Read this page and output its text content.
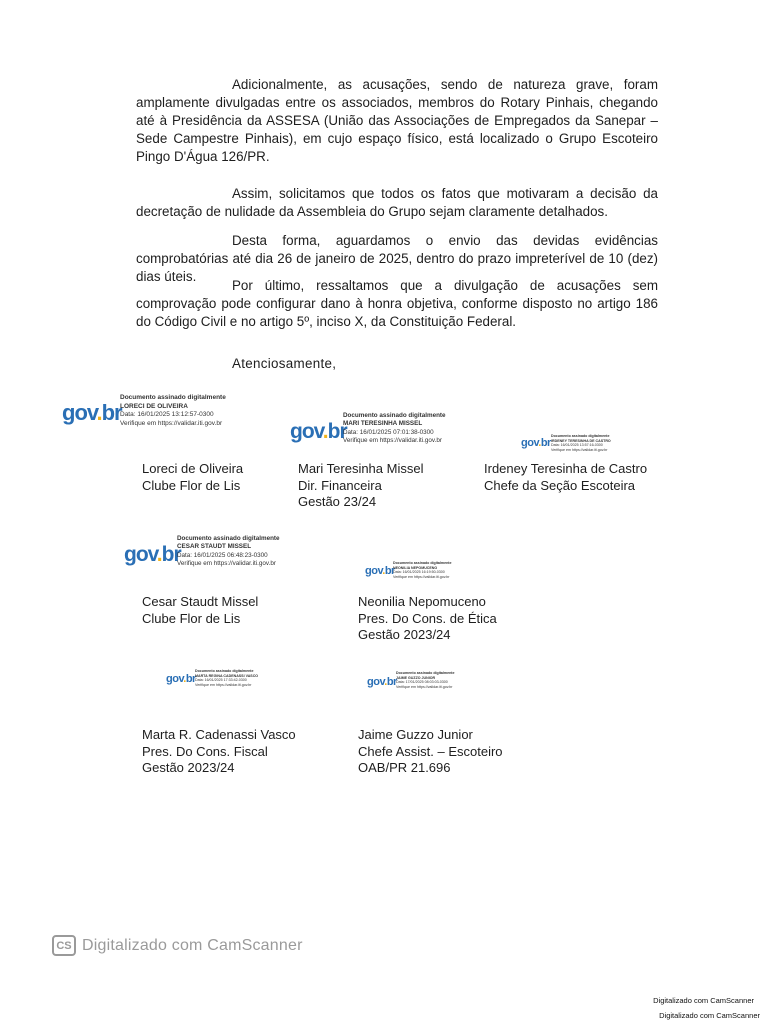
Adicionalmente, as acusações, sendo de natureza grave, foram amplamente divulgadas entre os associados, membros do Rotary Pinhais, chegando até à Presidência da ASSESA (União das Associações de Empregados da Sanepar – Sede Campestre Pinhais), em cujo espaço físico, está localizado o Grupo Escoteiro Pingo D'Água 126/PR.

Assim, solicitamos que todos os fatos que motivaram a decisão da decretação de nulidade da Assembleia do Grupo sejam claramente detalhados.

Desta forma, aguardamos o envio das devidas evidências comprobatórias até dia 26 de janeiro de 2025, dentro do prazo impreterível de 10 (dez) dias úteis.

Por último, ressaltamos que a divulgação de acusações sem comprovação pode configurar dano à honra objetiva, conforme disposto no artigo 186 do Código Civil e no artigo 5º, inciso X, da Constituição Federal.

Atenciosamente,
gov.br
Documento assinado digitalmente
LORECI DE OLIVEIRA
Data: 16/01/2025 13:12:57-0300
Verifique em https://validar.iti.gov.br	gov.br
Documento assinado digitalmente
MARI TERESINHA MISSEL
Data: 16/01/2025 07:01:38-0300
Verifique em https://validar.iti.gov.br	gov.br
Documento assinado digitalmente
IRDENEY TERESINHA DE CASTRO
Data: 16/01/2025 13:57:16-0300
Verifique em https://validar.iti.gov.br
Loreci de Oliveira
Clube Flor de Lis
Mari Teresinha Missel
Dir. Financeira
Gestão 23/24
Irdeney Teresinha de Castro
Chefe da Seção Escoteira
gov.br
Documento assinado digitalmente
CESAR STAUDT MISSEL
Data: 16/01/2025 06:48:23-0300
Verifique em https://validar.iti.gov.br
gov.br
Documento assinado digitalmente
NEONILIA NEPOMUCENO
Data: 16/01/2025 16:19:50-0300
Verifique em https://validar.iti.gov.br
Cesar Staudt Missel
Clube Flor de Lis
Neonilia Nepomuceno
Pres. Do Cons. de Ética
Gestão 2023/24
gov.br
Documento assinado digitalmente
MARTA REGINA CADENASSI VASCO
Data: 16/01/2025 17:33:42-0300
Verifique em https://validar.iti.gov.br	gov.br
Documento assinado digitalmente
JAIME GUZZO JUNIOR
Data: 17/01/2025 08:03:03-0300
Verifique em https://validar.iti.gov.br
Marta R. Cadenassi Vasco
Pres. Do Cons. Fiscal
Gestão 2023/24
Jaime Guzzo Junior
Chefe Assist. – Escoteiro
OAB/PR 21.696
CS Digitalizado com CamScanner
Digitalizado com CamScanner
Digitalizado com CamScanner
